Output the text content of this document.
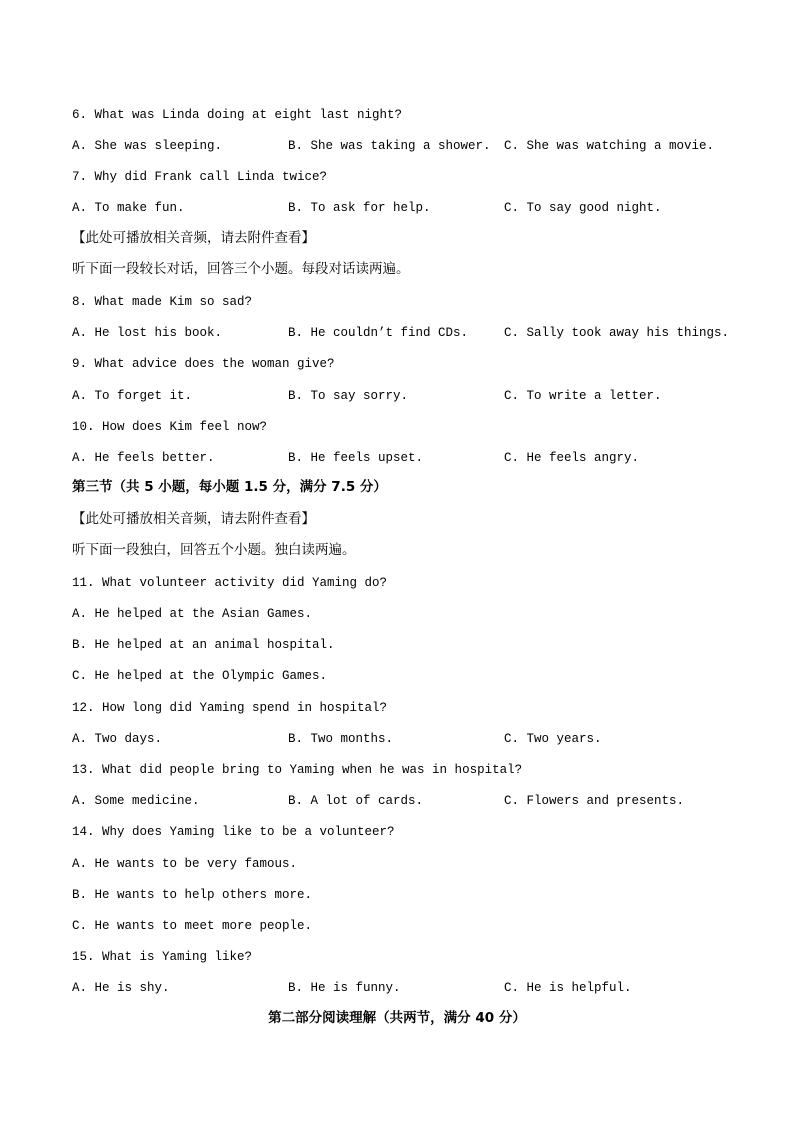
6. What was Linda doing at eight last night?
A. She was sleeping.	B. She was taking a shower. C. She was watching a movie.
7. Why did Frank call Linda twice?
A. To make fun.	B. To ask for help.	C. To say good night.
【此处可播放相关音频，请去附件查看】
听下面一段较长对话，回答三个小题。每段对话读两遍。
8. What made Kim so sad?
A. He lost his book.	B. He couldn’t find CDs.	C. Sally took away his things.
9. What advice does the woman give?
A. To forget it.	B. To say sorry.	C. To write a letter.
10. How does Kim feel now?
A. He feels better.	B. He feels upset.	C. He feels angry.
第三节（共 5 小题，每小题 1.5 分，满分 7.5 分）
【此处可播放相关音频，请去附件查看】
听下面一段独白，回答五个小题。独白读两遍。
11. What volunteer activity did Yaming do?
A. He helped at the Asian Games.
B. He helped at an animal hospital.
C. He helped at the Olympic Games.
12. How long did Yaming spend in hospital?
A. Two days.	B. Two months.	C. Two years.
13. What did people bring to Yaming when he was in hospital?
A. Some medicine.	B. A lot of cards.	C. Flowers and presents.
14. Why does Yaming like to be a volunteer?
A. He wants to be very famous.
B. He wants to help others more.
C. He wants to meet more people.
15. What is Yaming like?
A. He is shy.	B. He is funny.	C. He is helpful.
第二部分阅读理解（共两节，满分 40 分）
